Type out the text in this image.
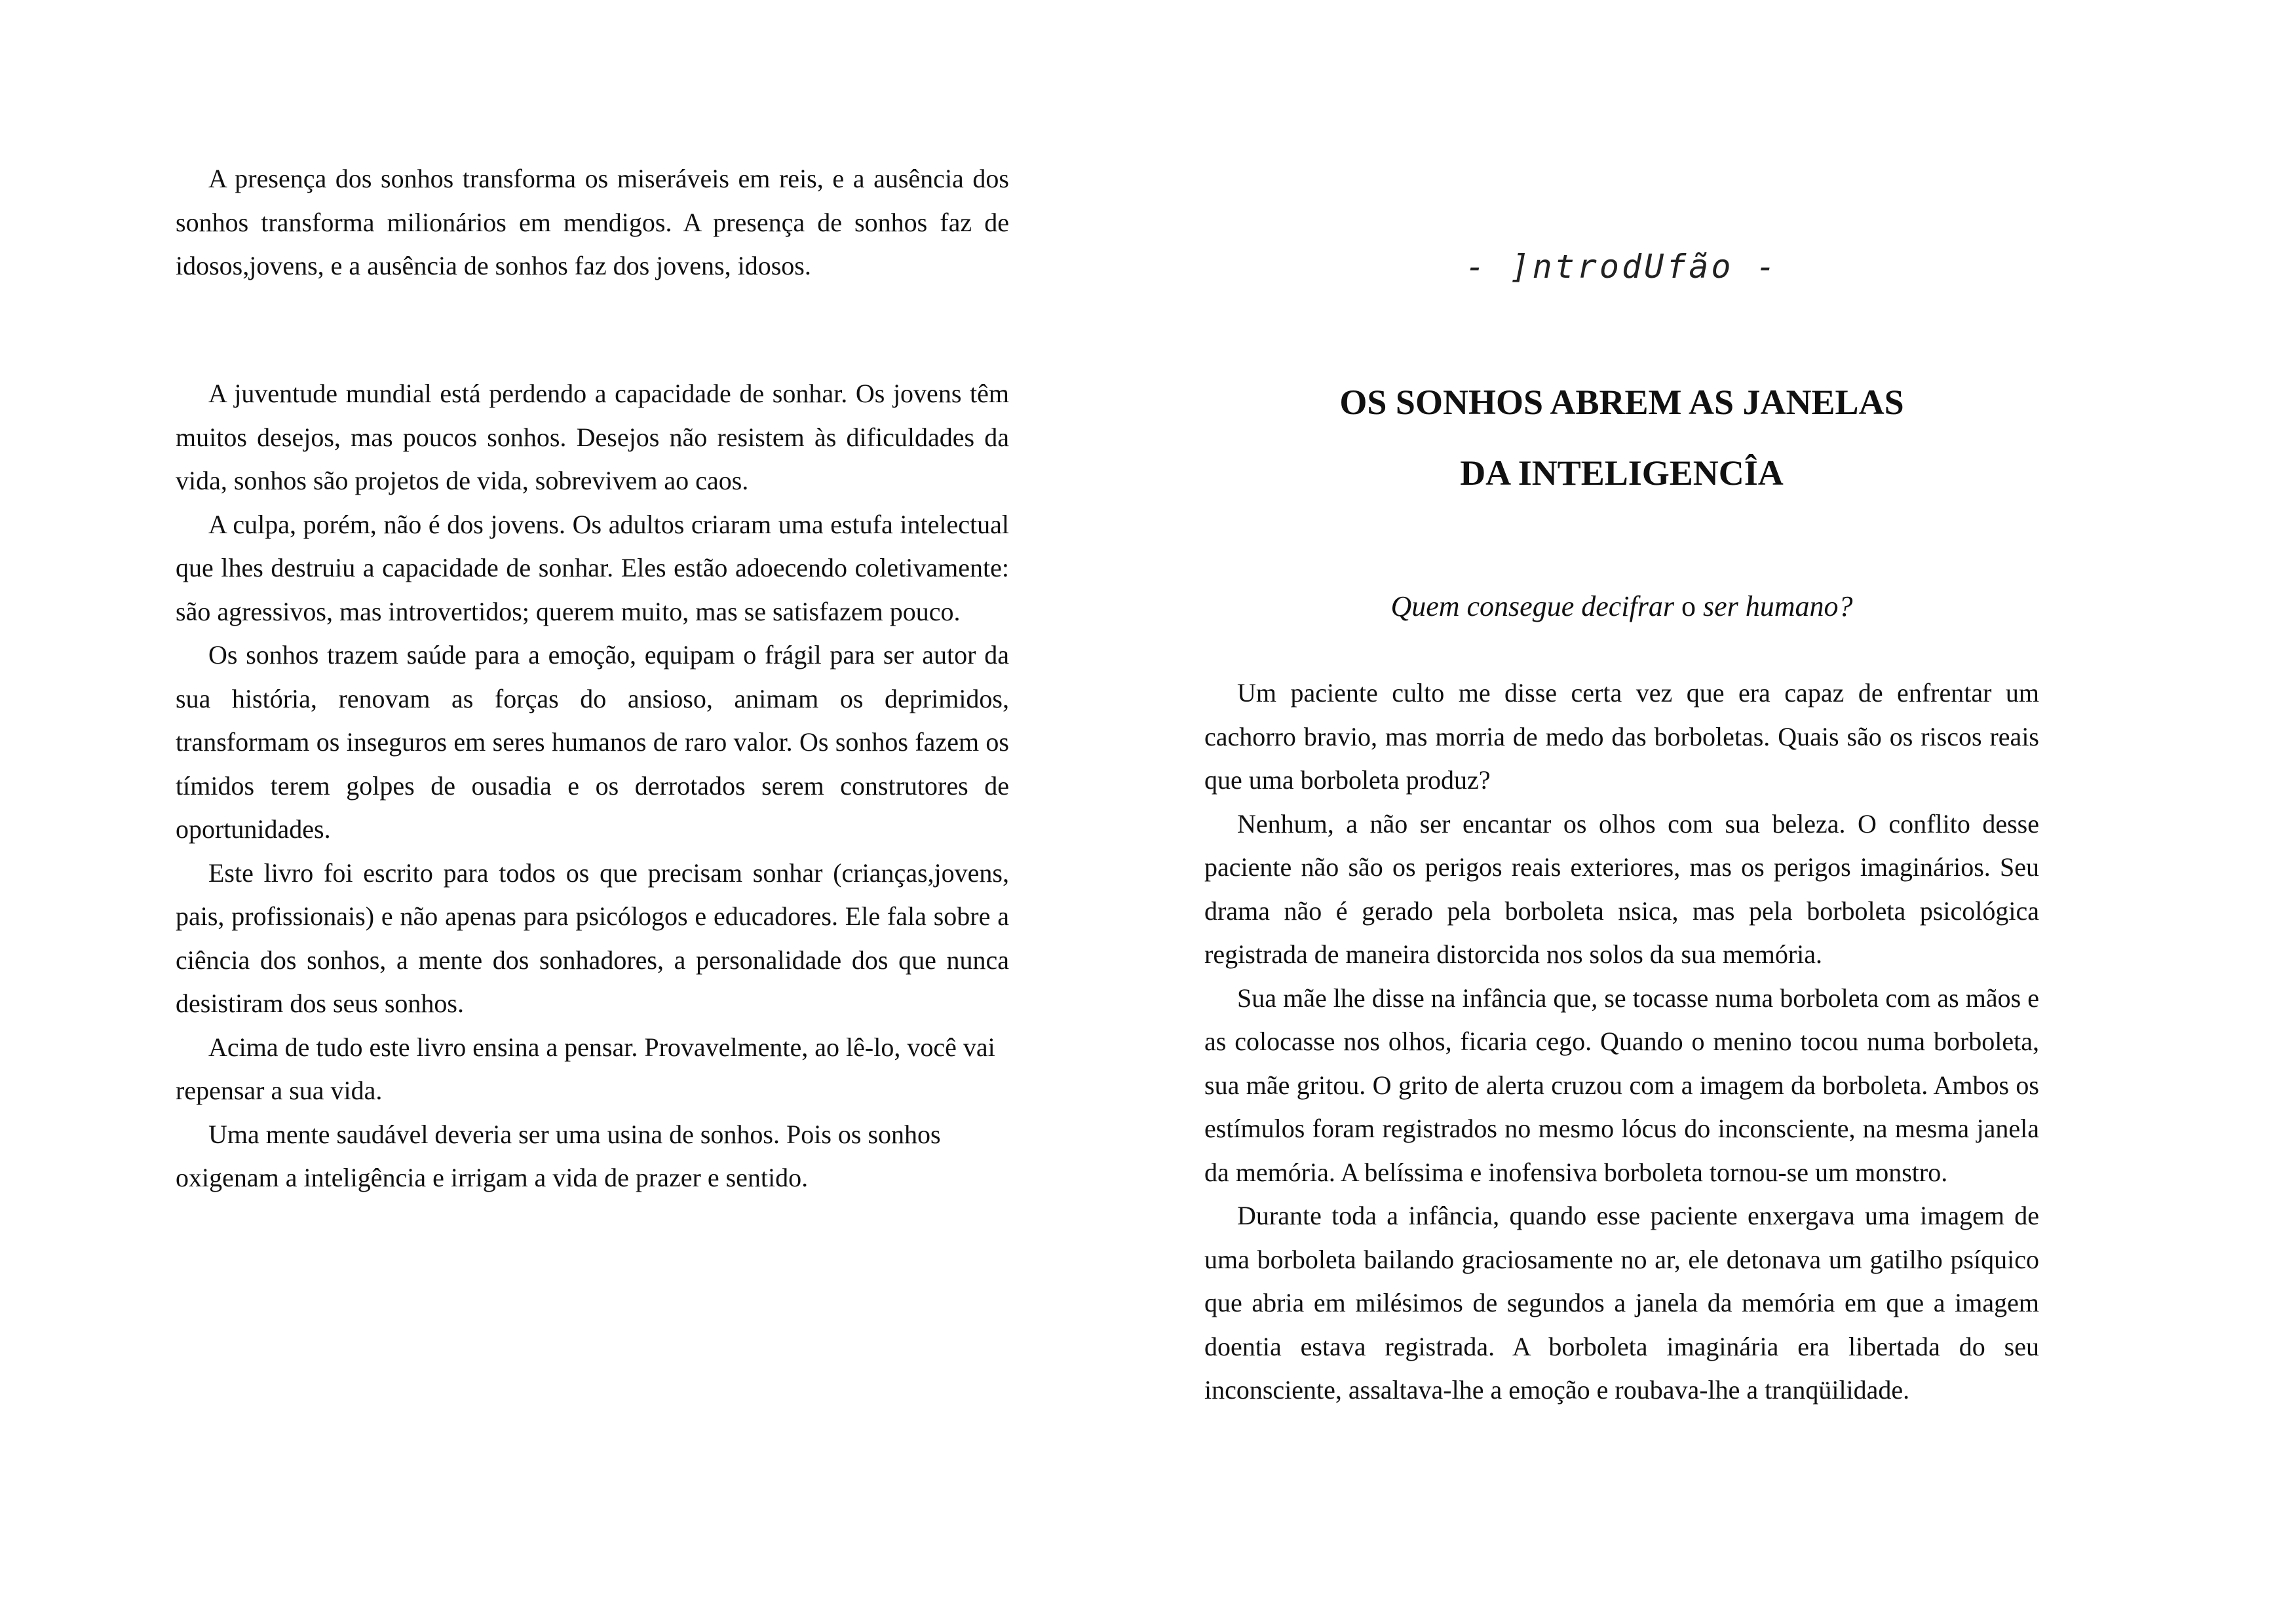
A presença dos sonhos transforma os miseráveis em reis, e a ausência dos sonhos transforma milionários em mendigos. A presença de sonhos faz de idosos,jovens, e a ausência de sonhos faz dos jovens, idosos.

A juventude mundial está perdendo a capacidade de sonhar. Os jovens têm muitos desejos, mas poucos sonhos. Desejos não resistem às dificuldades da vida, sonhos são projetos de vida, sobrevivem ao caos.

A culpa, porém, não é dos jovens. Os adultos criaram uma estufa intelectual que lhes destruiu a capacidade de sonhar. Eles estão adoecendo coletivamente: são agressivos, mas introvertidos; querem muito, mas se satisfazem pouco.

Os sonhos trazem saúde para a emoção, equipam o frágil para ser autor da sua história, renovam as forças do ansioso, animam os deprimidos, transformam os inseguros em seres humanos de raro valor. Os sonhos fazem os tímidos terem golpes de ousadia e os derrotados serem construtores de oportunidades.

Este livro foi escrito para todos os que precisam sonhar (crianças,jovens, pais, profissionais) e não apenas para psicólogos e educadores. Ele fala sobre a ciência dos sonhos, a mente dos sonhadores, a personalidade dos que nunca desistiram dos seus sonhos.

Acima de tudo este livro ensina a pensar. Provavelmente, ao lê-lo, você vai repensar a sua vida.

Uma mente saudável deveria ser uma usina de sonhos. Pois os sonhos oxigenam a inteligência e irrigam a vida de prazer e sentido.

- ]ntrodUfão -
OS SONHOS ABREM AS JANELAS
DA INTELIGENCÎA
Quem consegue decifrar o ser humano?

Um paciente culto me disse certa vez que era capaz de enfrentar um cachorro bravio, mas morria de medo das borboletas. Quais são os riscos reais que uma borboleta produz?

Nenhum, a não ser encantar os olhos com sua beleza. O conflito desse paciente não são os perigos reais exteriores, mas os perigos imaginários. Seu drama não é gerado pela borboleta nsica, mas pela borboleta psicológica registrada de maneira distorcida nos solos da sua memória.

Sua mãe lhe disse na infância que, se tocasse numa borboleta com as mãos e as colocasse nos olhos, ficaria cego. Quando o menino tocou numa borboleta, sua mãe gritou. O grito de alerta cruzou com a imagem da borboleta. Ambos os estímulos foram registrados no mesmo lócus do inconsciente, na mesma janela da memória. A belíssima e inofensiva borboleta tornou-se um monstro.

Durante toda a infância, quando esse paciente enxergava uma imagem de uma borboleta bailando graciosamente no ar, ele detonava um gatilho psíquico que abria em milésimos de segundos a janela da memória em que a imagem doentia estava registrada. A borboleta imaginária era libertada do seu inconsciente, assaltava-lhe a emoção e roubava-lhe a tranqüilidade.
